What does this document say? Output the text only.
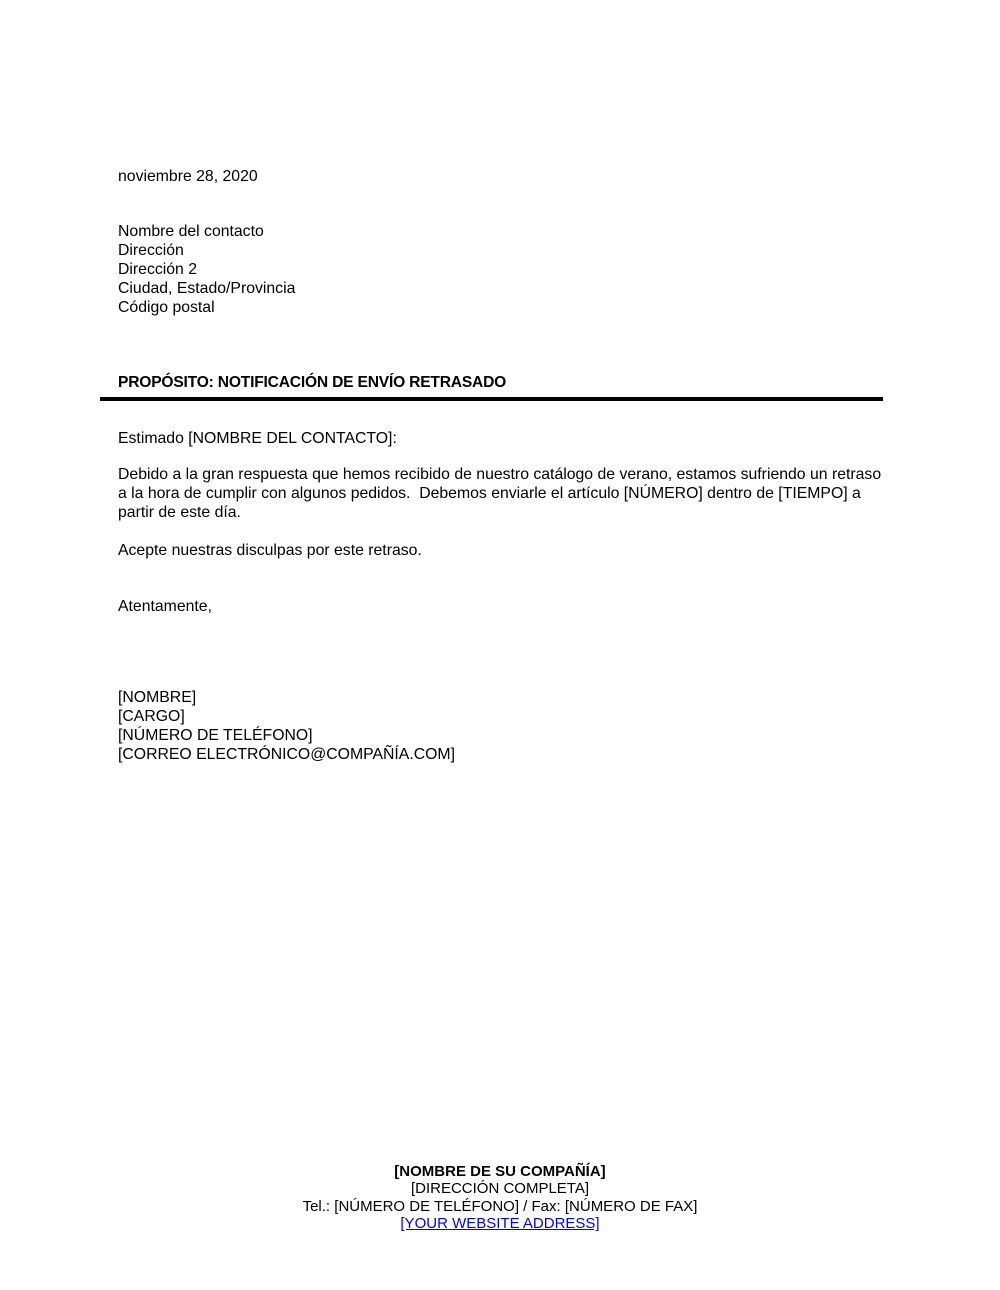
noviembre 28, 2020
Nombre del contacto
Dirección
Dirección 2
Ciudad, Estado/Provincia
Código postal
PROPÓSITO: NOTIFICACIÓN DE ENVÍO RETRASADO
Estimado [NOMBRE DEL CONTACTO]:
Debido a la gran respuesta que hemos recibido de nuestro catálogo de verano, estamos sufriendo un retraso a la hora de cumplir con algunos pedidos.  Debemos enviarle el artículo [NÚMERO] dentro de [TIEMPO] a partir de este día.
Acepte nuestras disculpas por este retraso.
Atentamente,
[NOMBRE]
[CARGO]
[NÚMERO DE TELÉFONO]
[CORREO ELECTRÓNICO@COMPAÑÍA.COM]
[NOMBRE DE SU COMPAÑÍA]
[DIRECCIÓN COMPLETA]
Tel.: [NÚMERO DE TELÉFONO] / Fax: [NÚMERO DE FAX]
[YOUR WEBSITE ADDRESS]
